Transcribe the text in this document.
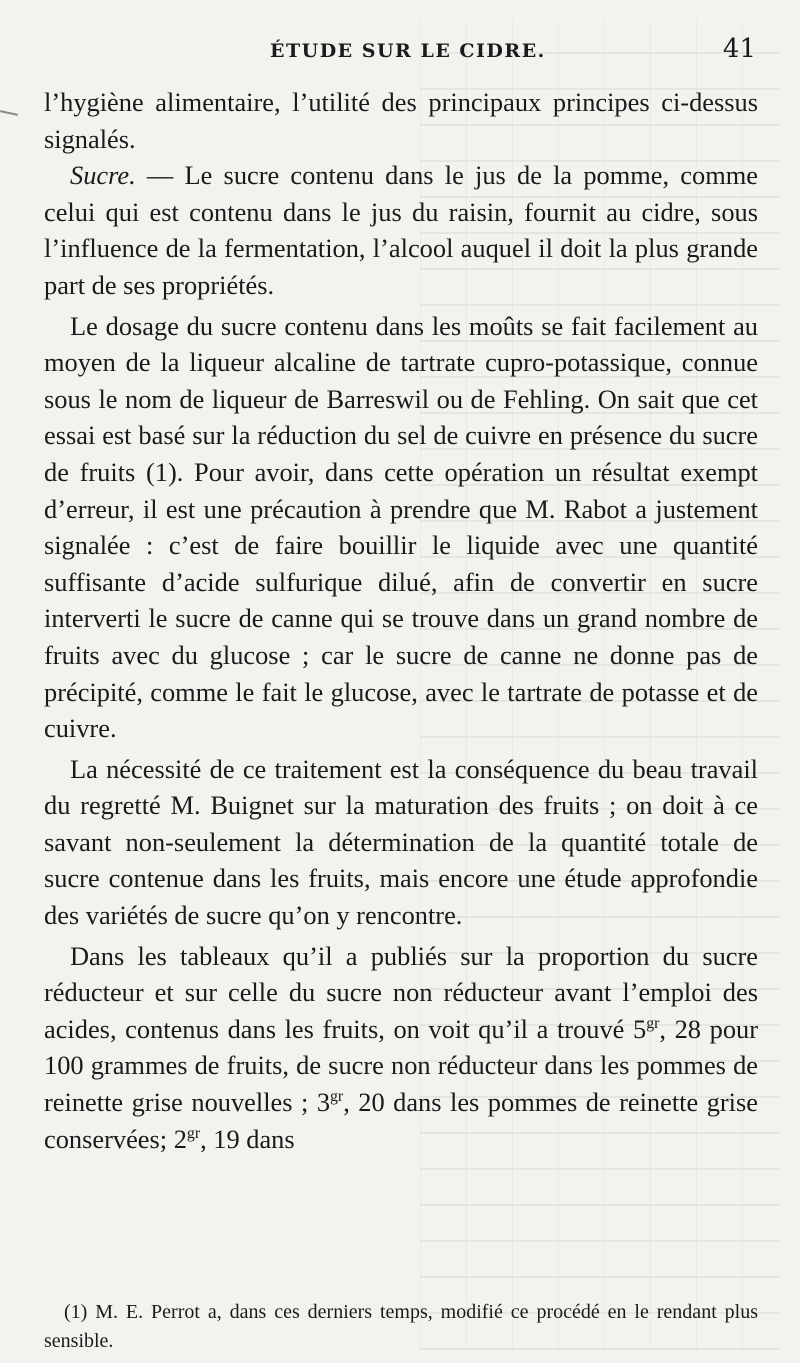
ÉTUDE SUR LE CIDRE.	41

l’hygiène alimentaire, l’utilité des principaux principes ci-dessus signalés.

Sucre. — Le sucre contenu dans le jus de la pomme, comme celui qui est contenu dans le jus du raisin, fournit au cidre, sous l’influence de la fermentation, l’alcool auquel il doit la plus grande part de ses propriétés.

Le dosage du sucre contenu dans les moûts se fait facilement au moyen de la liqueur alcaline de tartrate cupro-potassique, connue sous le nom de liqueur de Barreswil ou de Fehling. On sait que cet essai est basé sur la réduction du sel de cuivre en présence du sucre de fruits (1). Pour avoir, dans cette opération un résultat exempt d’erreur, il est une précaution à prendre que M. Rabot a justement signalée : c’est de faire bouillir le liquide avec une quantité suffisante d’acide sulfurique dilué, afin de convertir en sucre interverti le sucre de canne qui se trouve dans un grand nombre de fruits avec du glucose ; car le sucre de canne ne donne pas de précipité, comme le fait le glucose, avec le tartrate de potasse et de cuivre.

La nécessité de ce traitement est la conséquence du beau travail du regretté M. Buignet sur la maturation des fruits ; on doit à ce savant non-seulement la détermination de la quantité totale de sucre contenue dans les fruits, mais encore une étude approfondie des variétés de sucre qu’on y rencontre.

Dans les tableaux qu’il a publiés sur la proportion du sucre réducteur et sur celle du sucre non réducteur avant l’emploi des acides, contenus dans les fruits, on voit qu’il a trouvé $5^{gr}$, 28 pour 100 grammes de fruits, de sucre non réducteur dans les pommes de reinette grise nouvelles ; $3^{gr}$, 20 dans les pommes de reinette grise conservées; $2^{gr}$, 19 dans

(1) M. E. Perrot a, dans ces derniers temps, modifié ce procédé en le rendant plus sensible.
